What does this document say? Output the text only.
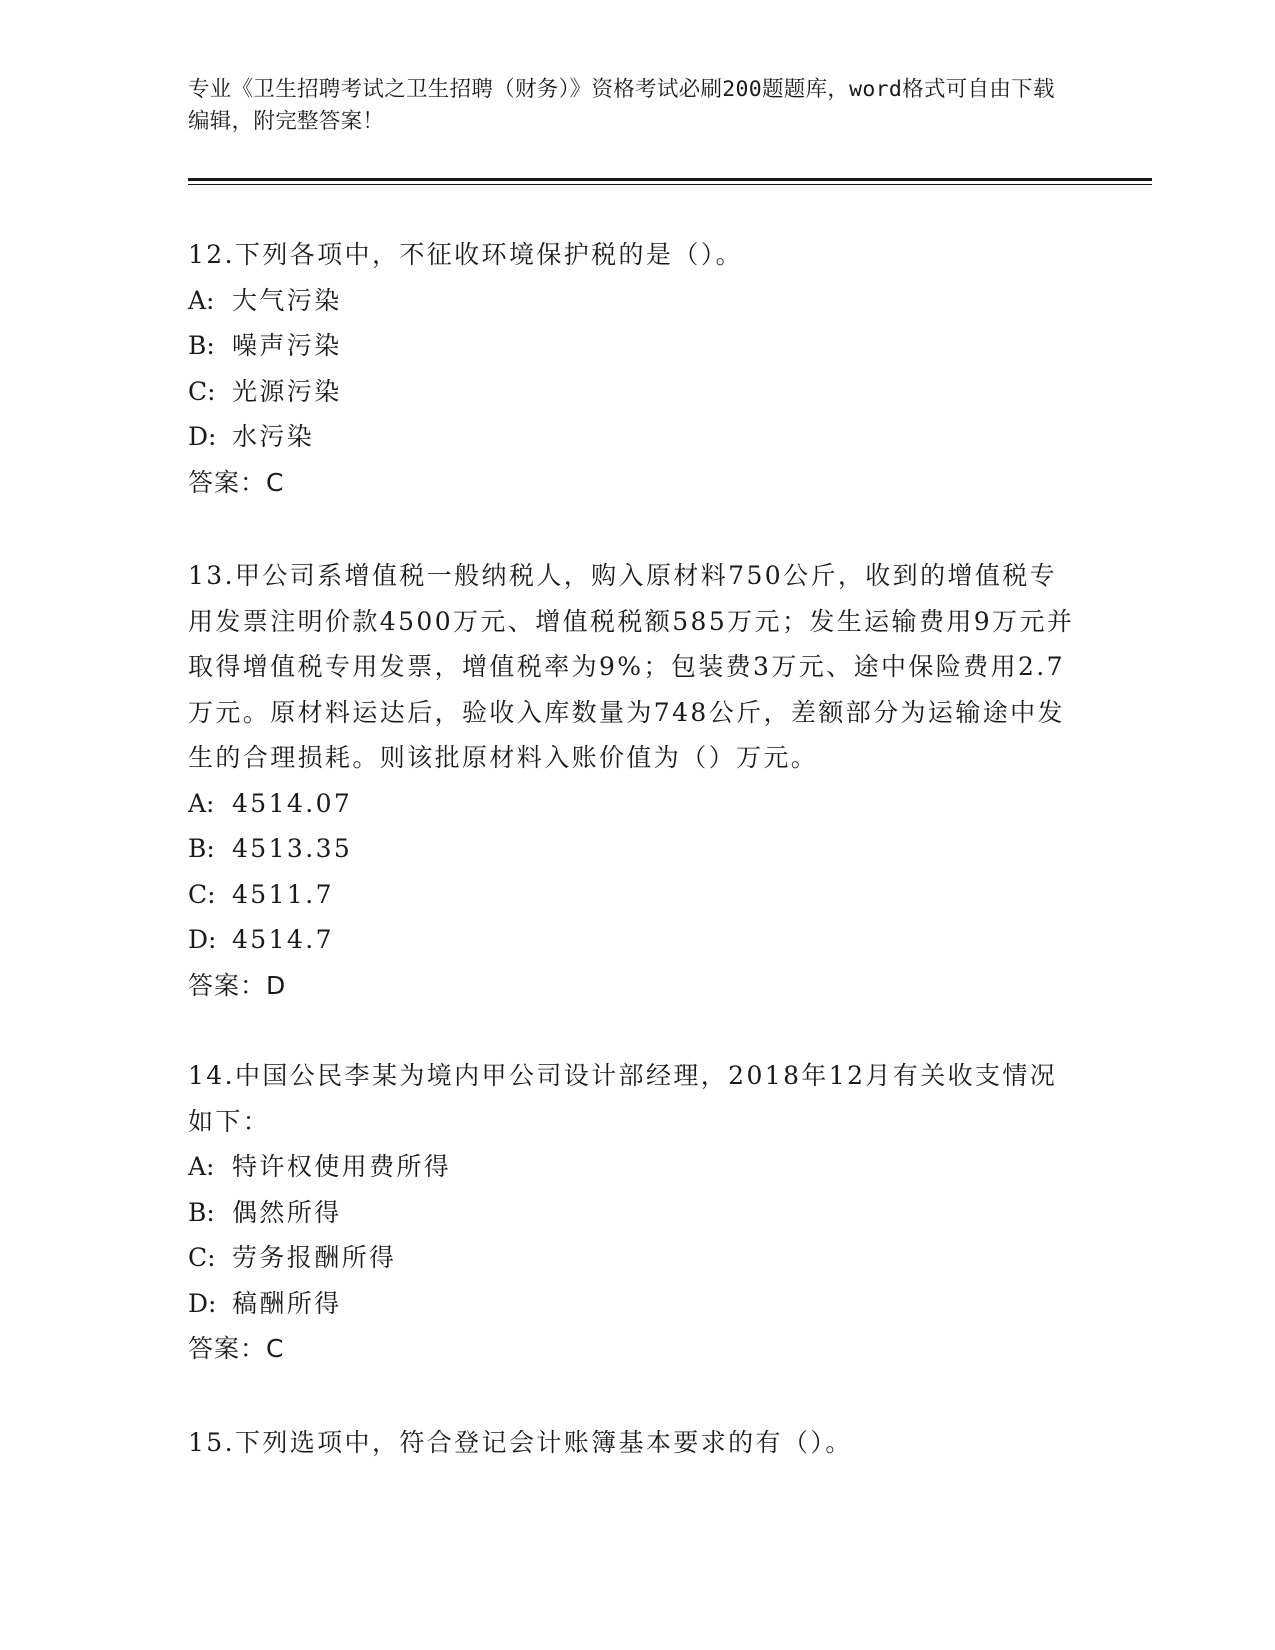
专业《卫生招聘考试之卫生招聘（财务）》资格考试必刷200题题库，word格式可自由下载编辑，附完整答案！

12.下列各项中，不征收环境保护税的是（）。

A: 大气污染

B: 噪声污染

C: 光源污染

D: 水污染

答案：C

13.甲公司系增值税一般纳税人，购入原材料750公斤，收到的增值税专用发票注明价款4500万元、增值税税额585万元；发生运输费用9万元并取得增值税专用发票，增值税率为9%；包装费3万元、途中保险费用2.7万元。原材料运达后，验收入库数量为748公斤，差额部分为运输途中发生的合理损耗。则该批原材料入账价值为（）万元。

A: 4514.07

B: 4513.35

C: 4511.7

D: 4514.7

答案：D

14.中国公民李某为境内甲公司设计部经理，2018年12月有关收支情况如下：

A: 特许权使用费所得

B: 偶然所得

C: 劳务报酬所得

D: 稿酬所得

答案：C

15.下列选项中，符合登记会计账簿基本要求的有（）。
